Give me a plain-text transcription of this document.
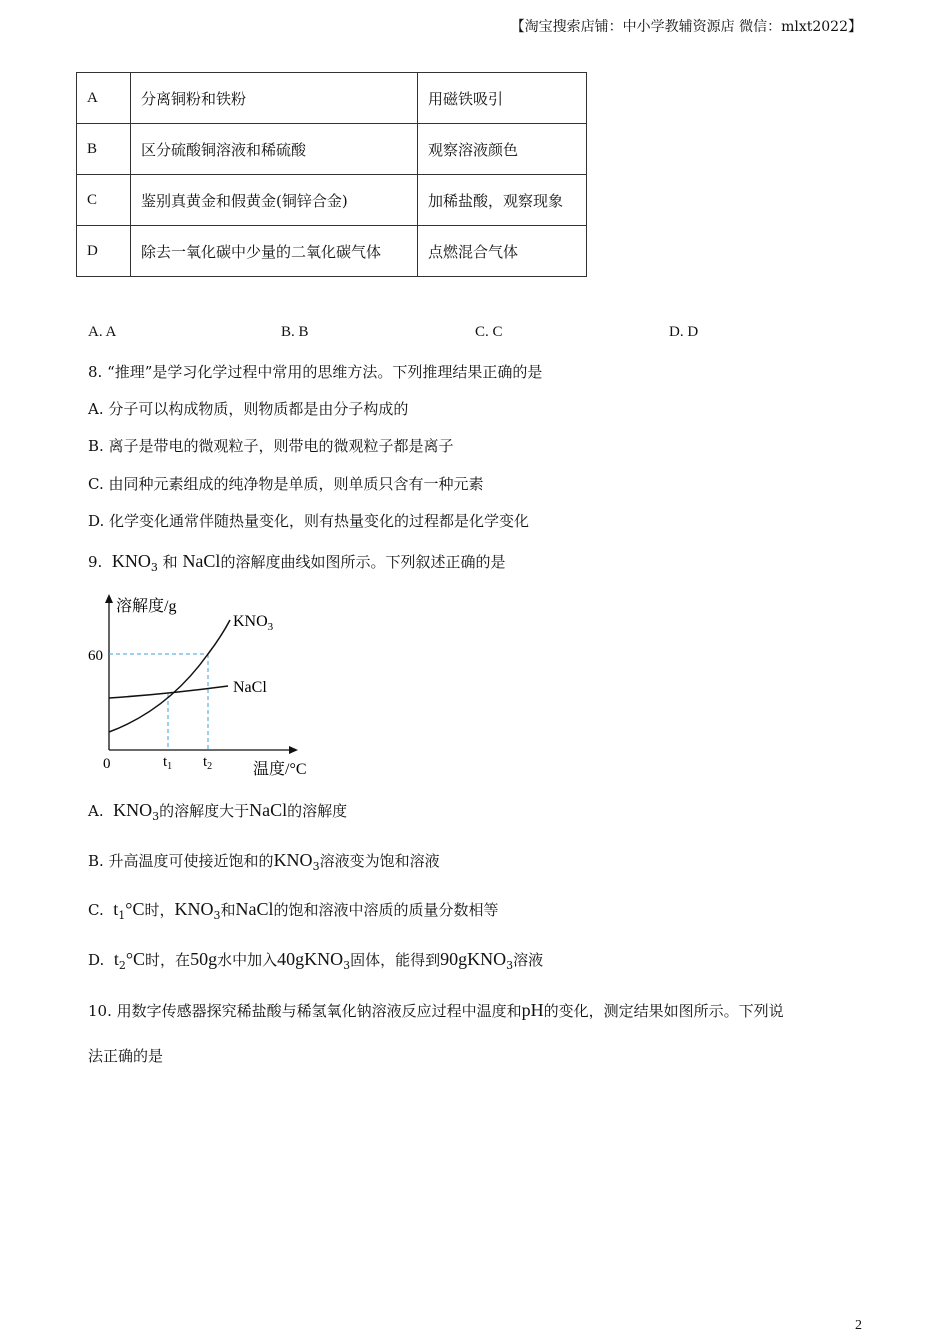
【淘宝搜索店铺：中小学教辅资源店 微信：mlxt2022】
A	分离铜粉和铁粉	用磁铁吸引
B	区分硫酸铜溶液和稀硫酸	观察溶液颜色
C	鉴别真黄金和假黄金(铜锌合金)	加稀盐酸，观察现象
D	除去一氧化碳中少量的二氧化碳气体	点燃混合气体
A. A	B. B	C. C	D. D
8. “推理”是学习化学过程中常用的思维方法。下列推理结果正确的是
A. 分子可以构成物质，则物质都是由分子构成的
B. 离子是带电的微观粒子，则带电的微观粒子都是离子
C. 由同种元素组成的纯净物是单质，则单质只含有一种元素
D. 化学变化通常伴随热量变化，则有热量变化的过程都是化学变化
9. $KNO_3$ 和 NaCl的溶解度曲线如图所示。下列叙述正确的是
溶解度/g
温度/°C
0
60
$t_1$ $t_2$
$KNO_3$
NaCl
A. $KNO_3$的溶解度大于NaCl的溶解度
B. 升高温度可使接近饱和的$KNO_3$溶液变为饱和溶液
C. $t_1^\circ C$时，$KNO_3$和NaCl的饱和溶液中溶质的质量分数相等
D. $t_2^\circ C$时，在50g水中加入40gKNO$_3$固体，能得到90gKNO$_3$溶液
10. 用数字传感器探究稀盐酸与稀氢氧化钠溶液反应过程中温度和pH的变化，测定结果如图所示。下列说
法正确的是
2
